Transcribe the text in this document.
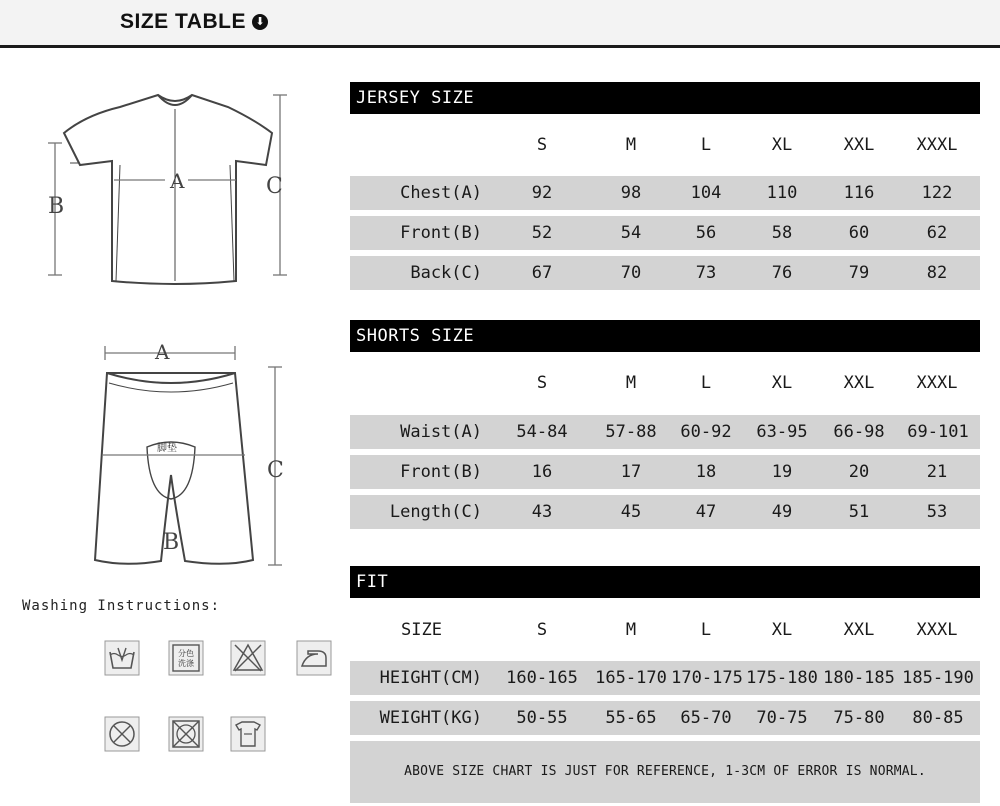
SIZE TABLE ⬇
B
C
A
A
C
B
脚垫
Washing Instructions:
分色
洗涤
JERSEY SIZE
S	M	L	XL	XXL	XXXL
Chest(A)	92	98	104	110	116	122
Front(B)	52	54	56	58	60	62
Back(C)	67	70	73	76	79	82
SHORTS SIZE
S	M	L	XL	XXL	XXXL
Waist(A)	54-84	57-88	60-92	63-95	66-98	69-101
Front(B)	16	17	18	19	20	21
Length(C)	43	45	47	49	51	53
FIT
SIZE	S	M	L	XL	XXL	XXXL
HEIGHT(CM)	160-165	165-170 170-175 175-180 180-185 185-190
WEIGHT(KG)	50-55	55-65	65-70	70-75	75-80	80-85
ABOVE SIZE CHART IS JUST FOR REFERENCE, 1-3CM OF ERROR IS NORMAL.
